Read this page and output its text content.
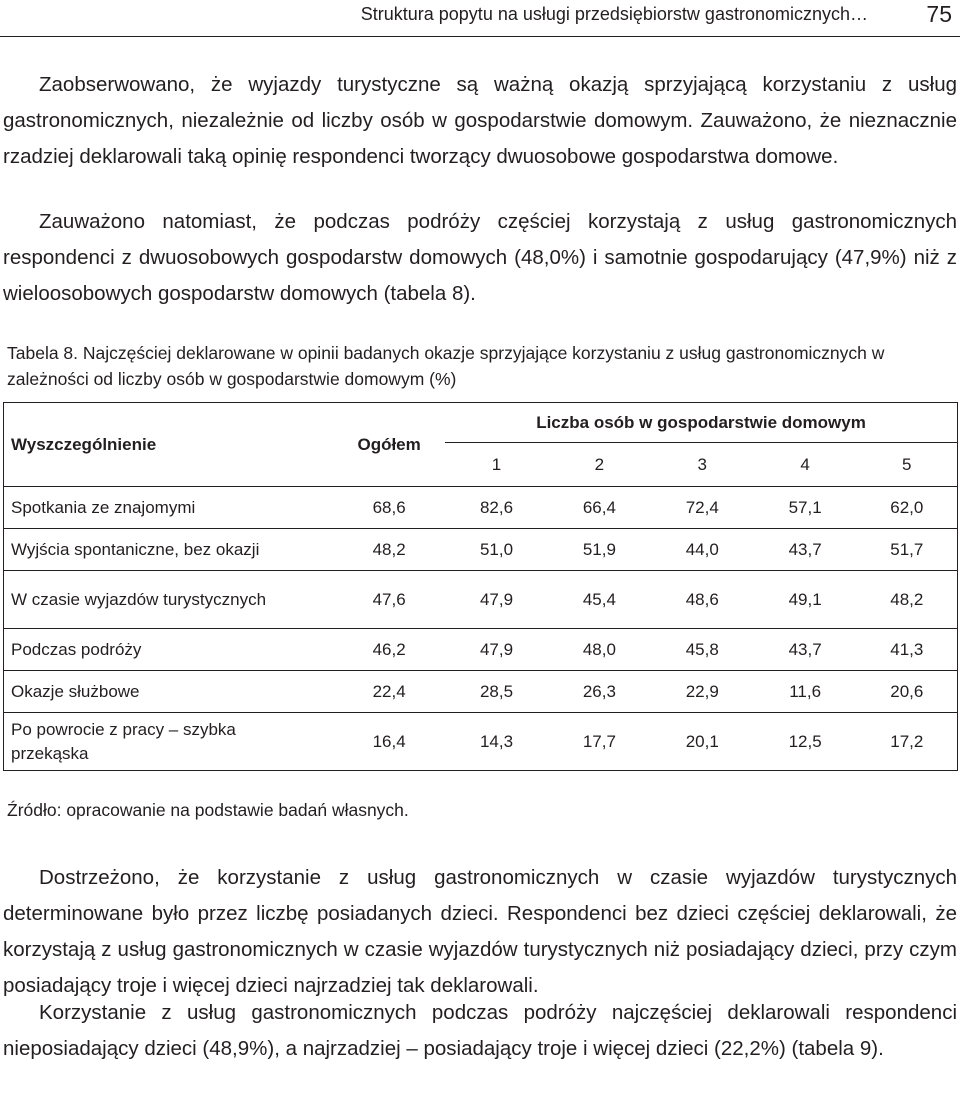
Struktura popytu na usługi przedsiębiorstw gastronomicznych…	75

Zaobserwowano, że wyjazdy turystyczne są ważną okazją sprzyjającą korzystaniu z usług gastronomicznych, niezależnie od liczby osób w gospodarstwie domowym. Zauważono, że nieznacznie rzadziej deklarowali taką opinię respondenci tworzący dwuosobowe gospodarstwa domowe.

Zauważono natomiast, że podczas podróży częściej korzystają z usług gastronomicznych respondenci z dwuosobowych gospodarstw domowych (48,0%) i samotnie gospodarujący (47,9%) niż z wieloosobowych gospodarstw domowych (tabela 8).

Tabela 8. Najczęściej deklarowane w opinii badanych okazje sprzyjające korzystaniu z usług gastronomicznych w zależności od liczby osób w gospodarstwie domowym (%)

Wyszczególnienie	Ogółem	Liczba osób w gospodarstwie domowym				
		1	2	3	4	5
Spotkania ze znajomymi	68,6	82,6	66,4	72,4	57,1	62,0
Wyjścia spontaniczne, bez okazji	48,2	51,0	51,9	44,0	43,7	51,7
W czasie wyjazdów turystycznych	47,6	47,9	45,4	48,6	49,1	48,2
Podczas podróży	46,2	47,9	48,0	45,8	43,7	41,3
Okazje służbowe	22,4	28,5	26,3	22,9	11,6	20,6
Po powrocie z pracy – szybka przekąska	16,4	14,3	17,7	20,1	12,5	17,2
Źródło: opracowanie na podstawie badań własnych.

Dostrzeżono, że korzystanie z usług gastronomicznych w czasie wyjazdów turystycznych determinowane było przez liczbę posiadanych dzieci. Respondenci bez dzieci częściej deklarowali, że korzystają z usług gastronomicznych w czasie wyjazdów turystycznych niż posiadający dzieci, przy czym posiadający troje i więcej dzieci najrzadziej tak deklarowali.

Korzystanie z usług gastronomicznych podczas podróży najczęściej deklarowali respondenci nieposiadający dzieci (48,9%), a najrzadziej – posiadający troje i więcej dzieci (22,2%) (tabela 9).
